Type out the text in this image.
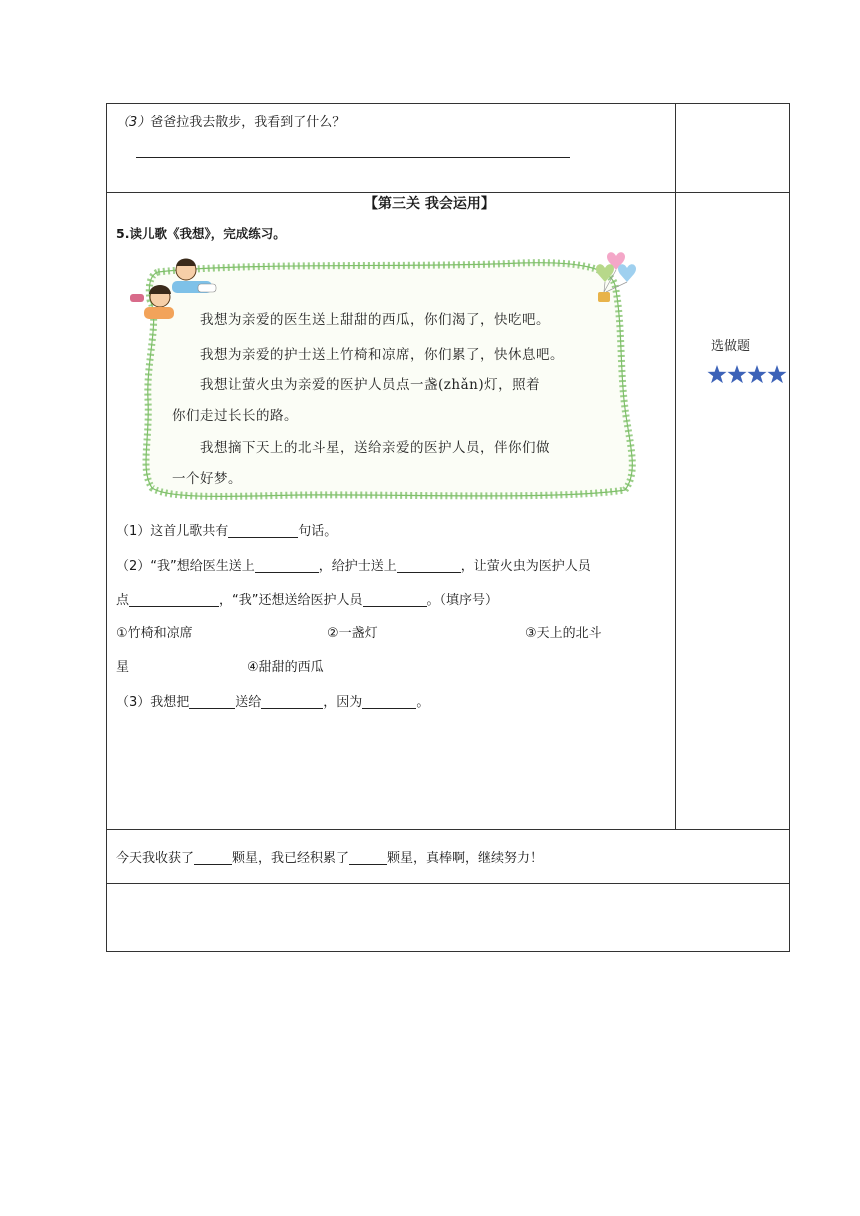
（3）爸爸拉我去散步，我看到了什么？
【第三关 我会运用】
5.读儿歌《我想》，完成练习。
我想为亲爱的医生送上甜甜的西瓜，你们渴了，快吃吧。
我想为亲爱的护士送上竹椅和凉席，你们累了，快休息吧。
我想让萤火虫为亲爱的医护人员点一盏(zhǎn)灯，照着
你们走过长长的路。
我想摘下天上的北斗星，送给亲爱的医护人员，伴你们做
一个好梦。
（1）这首儿歌共有	句话。
（2）“我”想给医生送上	，给护士送上	，让萤火虫为医护人员
点	，“我”还想送给医护人员	。（填序号）
①竹椅和凉席	②一盏灯	③天上的北斗
星	④甜甜的西瓜
（3）我想把	送给	，因为	。
选做题
今天我收获了	颗星，我已经积累了	颗星，真棒啊，继续努力！
